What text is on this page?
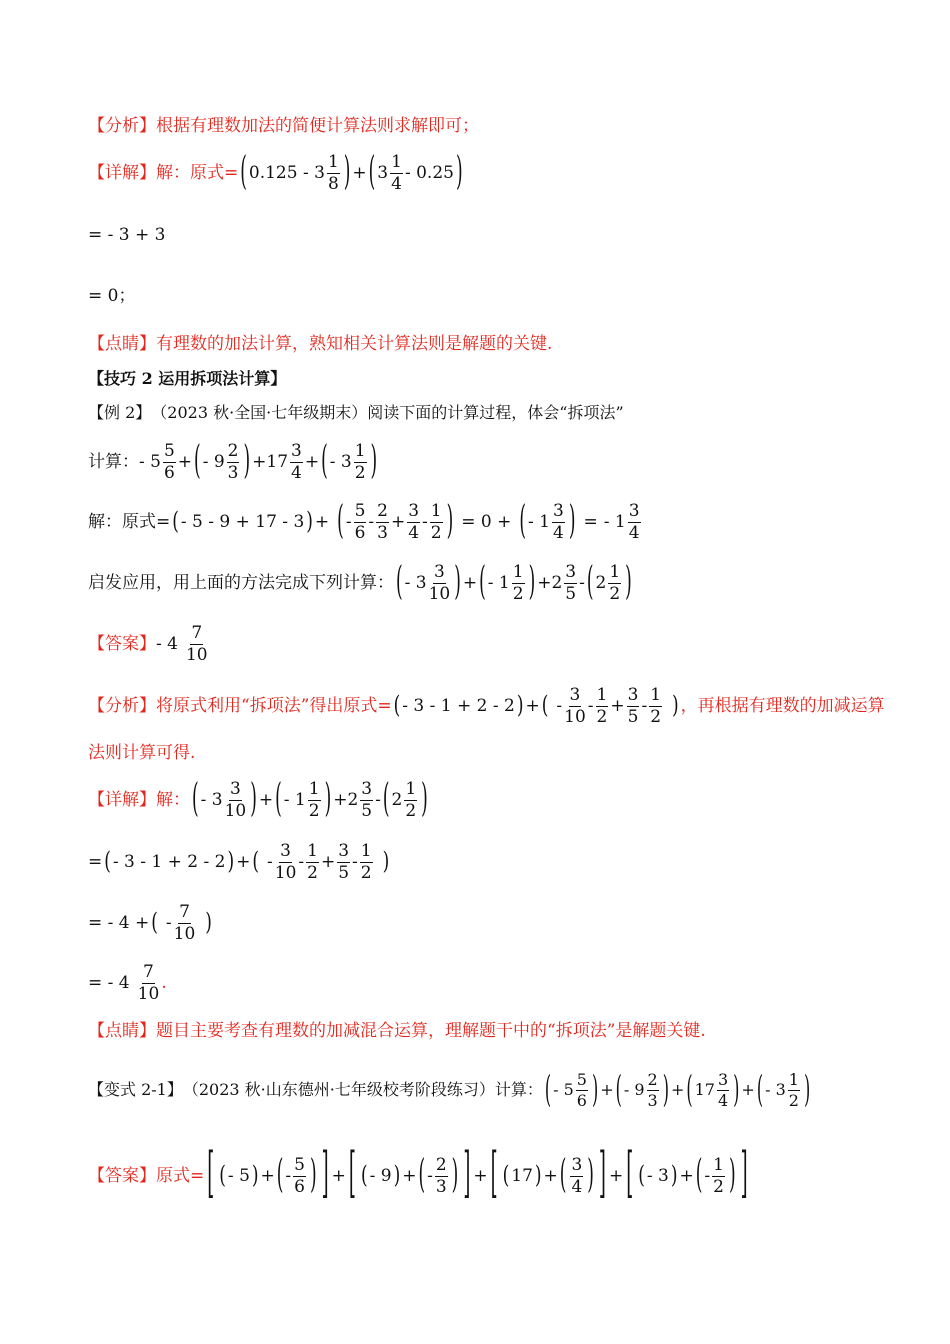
【分析】 根据有理数加法的简便计算法则求解即可；
【详解】 解：原式= ( $0.125 - 3 \frac{1}{8}$ ) + ( $3 \frac{1}{4} - 0.25$ )
= - 3 + 3
= 0；
【点睛】 有理数的加法计算，熟知相关计算法则是解题的关键.
【技巧 2 运用拆项法计算】
【例 2】 （2023 秋·全国·七年级期末）阅读下面的计算过程，体会“拆项法”
计算： - $5 \frac{5}{6}$ + ( - $9 \frac{2}{3}$ ) + $17 \frac{3}{4}$ + ( - $3 \frac{1}{2}$ )
解：原式= ( - 5 - 9 + 17 - 3 ) + ( - $\frac{5}{6} - \frac{2}{3} + \frac{3}{4} - \frac{1}{2}$ ) = 0 + ( - $1 \frac{3}{4}$ ) = - $1 \frac{3}{4}$
启发应用，用上面的方法完成下列计算： ( - $3 \frac{3}{10}$ ) + ( - $1 \frac{1}{2}$ ) + $2 \frac{3}{5}$ - ( $2 \frac{1}{2}$ )
【答案】 - $4 \frac{7}{10}$
【分析】 将原式利用“拆项法”得出原式= ( - 3 - 1 + 2 - 2 ) + ( - $\frac{3}{10} - \frac{1}{2} + \frac{3}{5} - \frac{1}{2}$ ) ，再根据有理数的加减运算
法则计算可得.
【详解】 解： ( - $3 \frac{3}{10}$ ) + ( - $1 \frac{1}{2}$ ) + $2 \frac{3}{5}$ - ( $2 \frac{1}{2}$ )
= ( - 3 - 1 + 2 - 2 ) + ( - $\frac{3}{10} - \frac{1}{2} + \frac{3}{5} - \frac{1}{2}$ )
= - 4 + ( - $\frac{7}{10}$ )
= - $4 \frac{7}{10}$ .
【点睛】 题目主要考查有理数的加减混合运算，理解题干中的“拆项法”是解题关键.
【变式 2-1】 （2023 秋·山东德州·七年级校考阶段练习）计算： ( - $5 \frac{5}{6}$ ) + ( - $9 \frac{2}{3}$ ) + ( $17 \frac{3}{4}$ ) + ( - $3 \frac{1}{2}$ )
【答案】 原式= [ ( - 5 ) + ( - $\frac{5}{6}$ ) ] + [ ( - 9 ) + ( - $\frac{2}{3}$ ) ] + [ ( 17 ) + ( $\frac{3}{4}$ ) ] + [ ( - 3 ) + ( - $\frac{1}{2}$ ) ]
